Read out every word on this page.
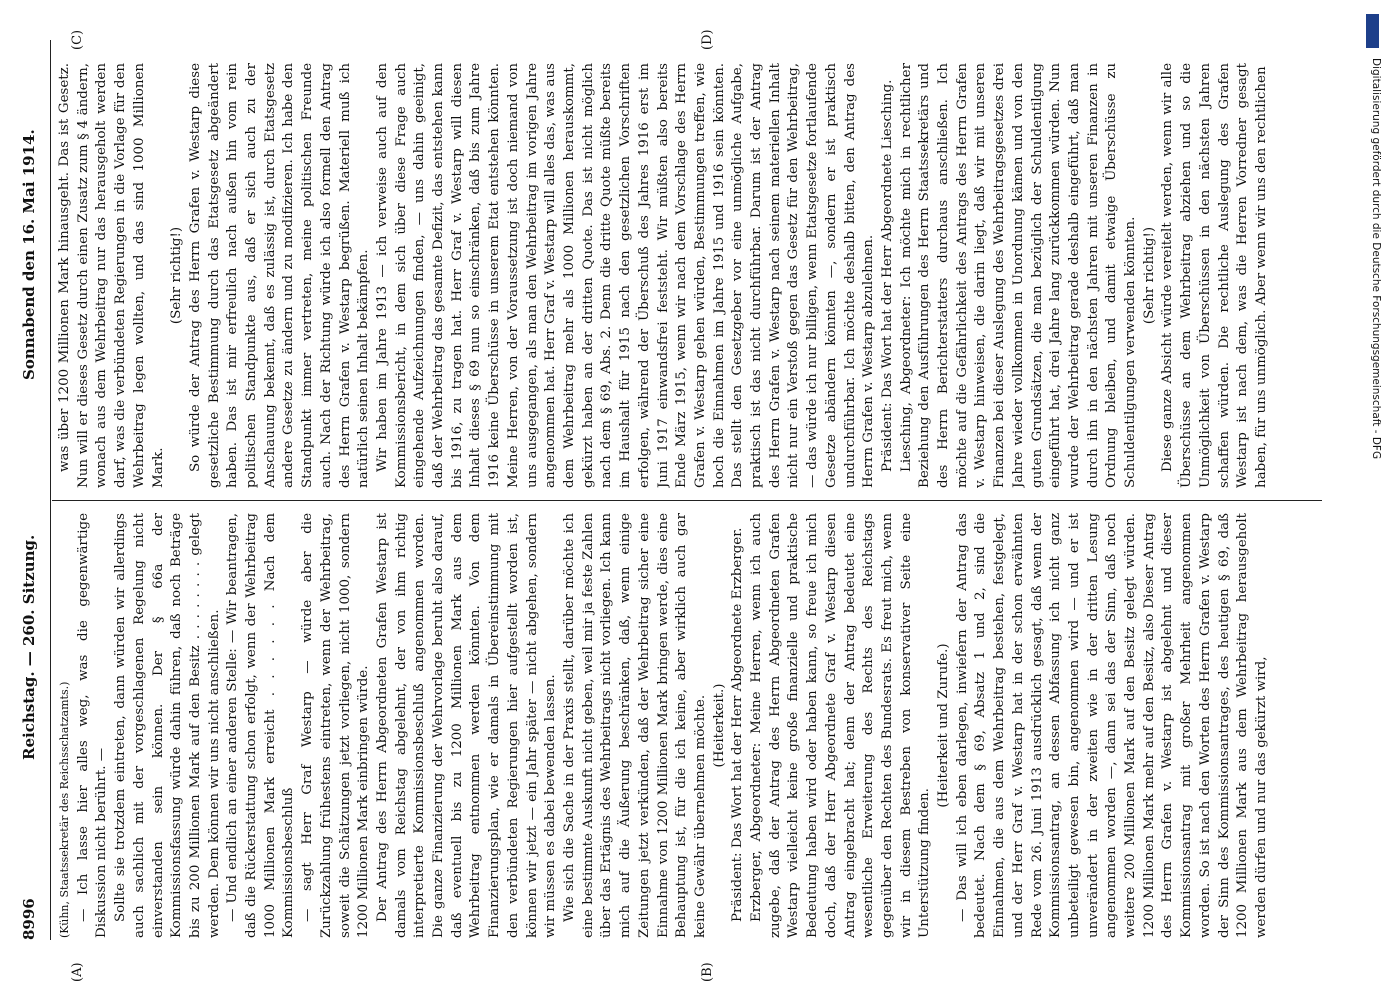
8996
Reichstag. — 260. Sitzung.
Sonnabend den 16. Mai 1914.
(A)	(B)
(C)	(D)

(Kühn, Staatssekretär des Reichsschatzamts.) — Ich lasse hier alles weg, was die gegenwärtige Diskussion nicht berührt. — Sollte sie trotzdem eintreten, dann würden wir allerdings auch sachlich mit der vorgeschlagenen Regelung nicht einverstanden sein können. Der § 66a der Kommissionsfassung würde dahin führen, daß noch Beträge bis zu 200 Millionen Mark auf den Besitz . . . . . . . . gelegt werden. Dem können wir uns nicht anschließen. — Und endlich an einer anderen Stelle: — Wir beantragen, daß die Rückerstattung schon erfolgt, wenn der Wehrbeitrag 1000 Millionen Mark erreicht . . . . . . Nach dem Kommissionsbeschluß — sagt Herr Graf Westarp — würde aber die Zurückzahlung frühestens eintreten, wenn der Wehrbeitrag, soweit die Schätzungen jetzt vorliegen, nicht 1000, sondern 1200 Millionen Mark einbringen würde. Der Antrag des Herrn Abgeordneten Grafen Westarp ist damals vom Reichstag abgelehnt, der von ihm richtig interpretierte Kommissionsbeschluß angenommen worden. Die ganze Finanzierung der Wehrvorlage beruht also darauf, daß eventuell bis zu 1200 Millionen Mark aus dem Wehrbeitrag entnommen werden könnten. Von dem Finanzierungsplan, wie er damals in Übereinstimmung mit den verbündeten Regierungen hier aufgestellt worden ist, können wir jetzt — ein Jahr später — nicht abgehen, sondern wir müssen es dabei bewenden lassen. Wie sich die Sache in der Praxis stellt, darüber möchte ich eine bestimmte Auskunft nicht geben, weil mir ja feste Zahlen über das Ertägnis des Wehrbeitrags nicht vorliegen. Ich kann mich auf die Äußerung beschränken, daß, wenn einige Zeitungen jetzt verkünden, daß der Wehrbeitrag sicher eine Einnahme von 1200 Millionen Mark bringen werde, dies eine Behauptung ist, für die ich keine, aber wirklich auch gar keine Gewähr übernehmen möchte. (Heiterkeit.) Präsident: Das Wort hat der Herr Abgeordnete Erzberger. Erzberger, Abgeordneter: Meine Herren, wenn ich auch zugebe, daß der Antrag des Herrn Abgeordneten Grafen Westarp vielleicht keine große finanzielle und praktische Bedeutung haben wird oder haben kann, so freue ich mich doch, daß der Herr Abgeordnete Graf v. Westarp diesen Antrag eingebracht hat; denn der Antrag bedeutet eine wesentliche Erweiterung des Rechts des Reichstags gegenüber den Rechten des Bundesrats. Es freut mich, wenn wir in diesem Bestreben von konservativer Seite eine Unterstützung finden.

(Heiterkeit und Zurufe.) — Das will ich eben darlegen, inwiefern der Antrag das bedeutet. Nach dem § 69, Absatz 1 und 2, sind die Einnahmen, die aus dem Wehrbeitrag bestehen, festgelegt, und der Herr Graf v. Westarp hat in der schon erwähnten Rede vom 26. Juni 1913 ausdrücklich gesagt, daß wenn der Kommissionsantrag, an dessen Abfassung ich nicht ganz unbeteiligt gewesen bin, angenommen wird — und er ist unverändert in der zweiten wie in der dritten Lesung angenommen worden —, dann sei das der Sinn, daß noch weitere 200 Millionen Mark auf den Besitz gelegt würden. 1200 Millionen Mark mehr auf den Besitz, also Dieser Antrag des Herrn Grafen v. Westarp ist abgelehnt und dieser Kommissionsantrag mit großer Mehrheit angenommen worden. So ist nach den Worten des Herrn Grafen v. Westarp der Sinn des Kommissionsantrages, des heutigen § 69, daß 1200 Millionen Mark aus dem Wehrbeitrag herausgeholt werden dürfen und nur das gekürzt wird,

was über 1200 Millionen Mark hinausgeht. Das ist Gesetz. Nun will er dieses Gesetz durch einen Zusatz zum § 4 ändern, wonach aus dem Wehrbeitrag nur das herausgeholt werden darf, was die verbündeten Regierungen in die Vorlage für den Wehrbeitrag legen wollten, und das sind 1000 Millionen Mark.

(Sehr richtig!) So würde der Antrag des Herrn Grafen v. Westarp diese gesetzliche Bestimmung durch das Etatsgesetz abgeändert haben. Das ist mir erfreulich nach außen hin vom rein politischen Standpunkte aus, daß er sich auch zu der Anschauung bekennt, daß es zulässig ist, durch Etatsgesetz andere Gesetze zu ändern und zu modifizieren. Ich habe den Standpunkt immer vertreten, meine politischen Freunde auch. Nach der Richtung würde ich also formell den Antrag des Herrn Grafen v. Westarp begrüßen. Materiell muß ich natürlich seinen Inhalt bekämpfen. Wir haben im Jahre 1913 — ich verweise auch auf den Kommissionsbericht, in dem sich über diese Frage auch eingehende Aufzeichnungen finden, — uns dahin geeinigt, daß der Wehrbeitrag das gesamte Defizit, das entstehen kann bis 1916, zu tragen hat. Herr Graf v. Westarp will diesen Inhalt dieses § 69 nun so einschränken, daß bis zum Jahre 1916 keine Überschüsse in unserem Etat entstehen könnten. Meine Herren, von der Voraussetzung ist doch niemand von uns ausgegangen, als man den Wehrbeitrag im vorigen Jahre angenommen hat. Herr Graf v. Westarp will alles das, was aus dem Wehrbeitrag mehr als 1000 Millionen herauskommt, gekürzt haben an der dritten Quote. Das ist nicht möglich nach dem § 69, Abs. 2. Denn die dritte Quote müßte bereits im Haushalt für 1915 nach den gesetzlichen Vorschriften erfolgen, während der Überschuß des Jahres 1916 erst im Juni 1917 einwandsfrei feststeht. Wir müßten also bereits Ende März 1915, wenn wir nach dem Vorschlage des Herrn Grafen v. Westarp gehen würden, Bestimmungen treffen, wie hoch die Einnahmen im Jahre 1915 und 1916 sein könnten. Das stellt den Gesetzgeber vor eine unmögliche Aufgabe, praktisch ist das nicht durchführbar. Darum ist der Antrag des Herrn Grafen v. Westarp nach seinem materiellen Inhalt nicht nur ein Verstoß gegen das Gesetz für den Wehrbeitrag, — das würde ich nur billigen, wenn Etatsgesetze fortlaufende Gesetze abändern könnten —, sondern er ist praktisch undurchführbar. Ich möchte deshalb bitten, den Antrag des Herrn Grafen v. Westarp abzulehnen. Präsident: Das Wort hat der Herr Abgeordnete Liesching. Liesching, Abgeordneter: Ich möchte mich in rechtlicher Beziehung den Ausführungen des Herrn Staatssekretärs und des Herrn Berichterstatters durchaus anschließen. Ich möchte auf die Gefährlichkeit des Antrags des Herrn Grafen v. Westarp hinweisen, die darin liegt, daß wir mit unseren Finanzen bei dieser Auslegung des Wehrbeitragsgesetzes drei Jahre wieder vollkommen in Unordnung kämen und von den guten Grundsätzen, die man bezüglich der Schuldentilgung eingeführt hat, drei Jahre lang zurückkommen würden. Nun wurde der Wehrbeitrag gerade deshalb eingeführt, daß man durch ihn in den nächsten Jahren mit unseren Finanzen in Ordnung bleiben, und damit etwaige Überschüsse zu Schuldentilgungen verwenden könnten. (Sehr richtig!) Diese ganze Absicht würde vereitelt werden, wenn wir alle Überschüsse an dem Wehrbeitrag abziehen und so die Unmöglichkeit von Überschüssen in den nächsten Jahren schaffen würden. Die rechtliche Auslegung des Grafen Westarp ist nach dem, was die Herren Vorredner gesagt haben, für uns unmöglich. Aber wenn wir uns den rechtlichen	Digitalisierung gefördert durch die Deutsche Forschungsgemeinschaft - DFG
